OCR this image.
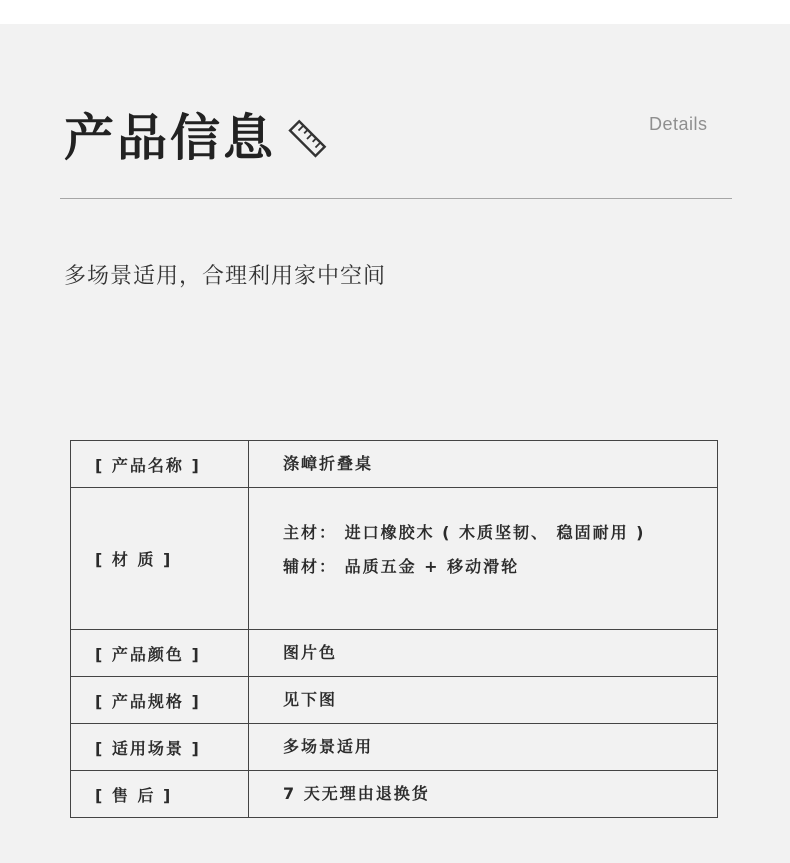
产品信息	Details
多场景适用，合理利用家中空间
[ 产品名称 ]	涤嶂折叠桌

[ 材 质 ]	主材： 进口橡胶木 ( 木质坚韧、 稳固耐用 )
辅材： 品质五金 + 移动滑轮

[ 产品颜色 ]	图片色

[ 产品规格 ]	见下图

[ 适用场景 ]	多场景适用

[ 售 后 ]	7 天无理由退换货
